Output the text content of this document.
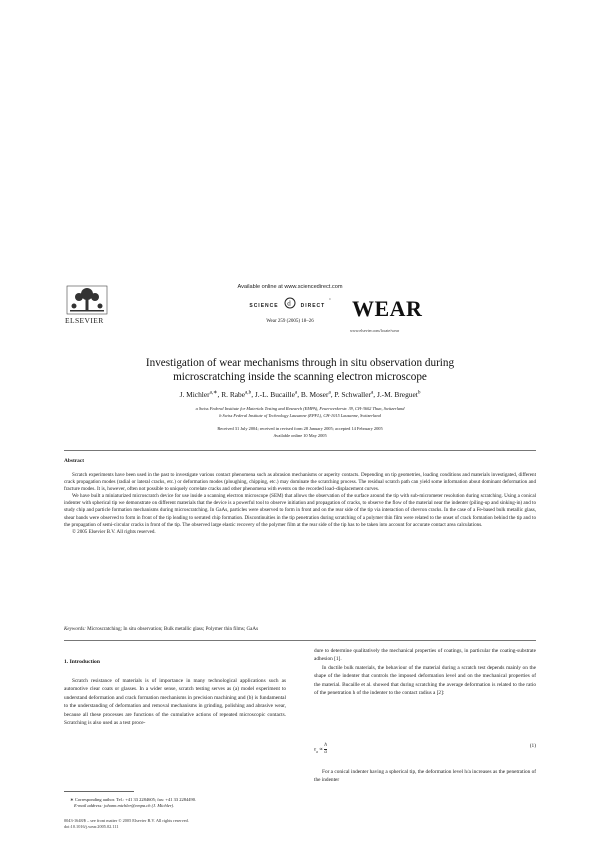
ELSEVIER
Available online at www.sciencedirect.com
SCIENCE d DIRECT •
Wear 259 (2005) 18–26
WEAR
www.elsevier.com/locate/wear
Investigation of wear mechanisms through in situ observation during
microscratching inside the scanning electron microscope
J. Michler$^{a,∗}$, R. Rabe$^{a,b}$, J.-L. Bucaille$^a$, B. Moser$^a$, P. Schwaller$^a$, J.-M. Breguet$^b$
a Swiss Federal Institute for Materials Testing and Research (EMPA), Feuerwerkerstr. 39, CH-3602 Thun, Switzerland
b Swiss Federal Institute of Technology Lausanne (EPFL), CH-1015 Lausanne, Switzerland
Received 31 July 2004; received in revised form 28 January 2005; accepted 14 February 2005
Available online 10 May 2005
Abstract

Scratch experiments have been used in the past to investigate various contact phenomena such as abrasion mechanisms or asperity contacts. Depending on tip geometries, loading conditions and materials investigated, different crack propagation modes (radial or lateral cracks, etc.) or deformation modes (ploughing, chipping, etc.) may dominate the scratching process. The residual scratch path can yield some information about dominant deformation and fracture modes. It is, however, often not possible to uniquely correlate cracks and other phenomena with events on the recorded load–displacement curves.

We have built a miniaturized microscratch device for use inside a scanning electron microscope (SEM) that allows the observation of the surface around the tip with sub-micrometer resolution during scratching. Using a conical indenter with spherical tip we demonstrate on different materials that the device is a powerful tool to observe initiation and propagation of cracks, to observe the flow of the material near the indenter (piling-up and sinking-in) and to study chip and particle formation mechanisms during microscratching. In GaAs, particles were observed to form in front and on the rear side of the tip via interaction of chevron cracks. In the case of a Fe-based bulk metallic glass, shear bands were observed to form in front of the tip leading to serrated chip formation. Discontinuities in the tip penetration during scratching of a polymer thin film were related to the onset of crack formation behind the tip and to the propagation of semi-circular cracks in front of the tip. The observed large elastic recovery of the polymer film at the rear side of the tip has to be taken into account for accurate contact area calculations.

© 2005 Elsevier B.V. All rights reserved.

Keywords: Microscratching; In situ observation; Bulk metallic glass; Polymer thin films; GaAs
1. Introduction

Scratch resistance of materials is of importance in many technological applications such as automotive clear coats or glasses. In a wider sense, scratch testing serves as (a) model experiment to understand deformation and crack formation mechanisms in precision machining and (b) is fundamental to the understanding of deformation and removal mechanisms in grinding, polishing and abrasive wear, because all these processes are functions of the cumulative actions of repeated microscopic contacts. Scratching is also used as a test proce-

dure to determine qualitatively the mechanical properties of coatings, in particular the coating-substrate adhesion [1].

In ductile bulk materials, the behaviour of the material during a scratch test depends mainly on the shape of the indenter that controls the imposed deformation level and on the mechanical properties of the material. Bucaille et al. showed that during scratching the average deformation is related to the ratio of the penetration h of the indenter to the contact radius a [2]:

$\varepsilon_a \propto \frac{h}{a}$	(1)

For a conical indenter having a spherical tip, the deformation level h/a increases as the penetration of the indenter

∗ Corresponding author. Tel.: +41 33 2284605; fax: +41 33 2284490.
E-mail address: johann.michler@empa.ch (J. Michler).
0043-1648/$ – see front matter © 2005 Elsevier B.V. All rights reserved.
doi:10.1016/j.wear.2005.02.111
